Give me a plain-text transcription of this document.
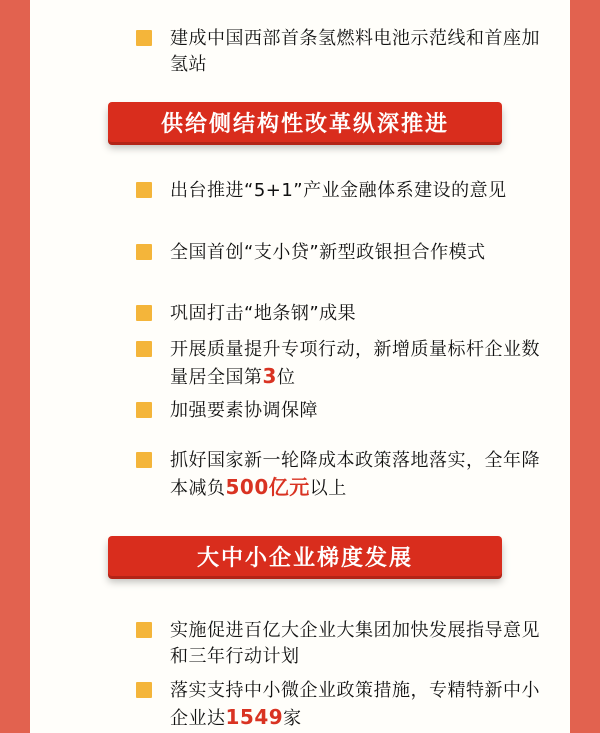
建成中国西部首条氢燃料电池示范线和首座加氢站
供给侧结构性改革纵深推进
出台推进“5+1”产业金融体系建设的意见
全国首创“支小贷”新型政银担合作模式
巩固打击“地条钢”成果
开展质量提升专项行动，新增质量标杆企业数量居全国第3位
加强要素协调保障
抓好国家新一轮降成本政策落地落实，全年降本减负500亿元以上
大中小企业梯度发展
实施促进百亿大企业大集团加快发展指导意见和三年行动计划
落实支持中小微企业政策措施，专精特新中小企业达1549家
